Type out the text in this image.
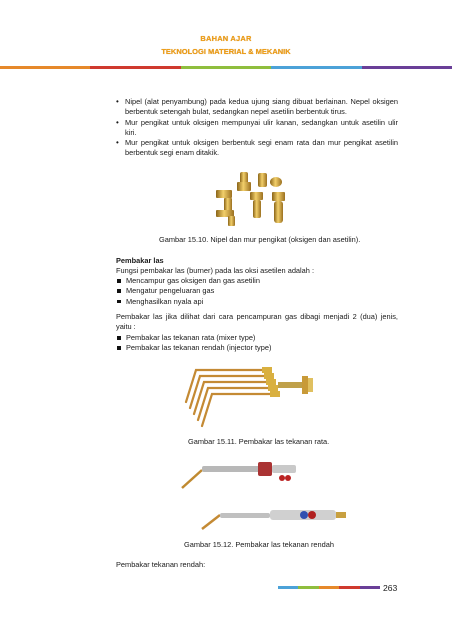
BAHAN AJAR
TEKNOLOGI MATERIAL & MEKANIK
• Nipel (alat penyambung) pada kedua ujung siang dibuat berlainan. Nepel oksigen berbentuk setengah bulat, sedangkan nepel asetilin berbentuk tirus.
• Mur pengikat untuk oksigen mempunyai ulir kanan, sedangkan untuk asetilin ulir kiri.
• Mur pengikat untuk oksigen berbentuk segi enam rata dan mur pengikat asetilin berbentuk segi enam ditakik.
Gambar 15.10. Nipel dan mur pengikat (oksigen dan asetilin).
Pembakar las
Fungsi pembakar las (burner) pada las oksi asetilen adalah :
Mencampur gas oksigen dan gas asetilin
Mengatur pengeluaran gas
Menghasilkan nyala api
Pembakar las jika dilihat dari cara pencampuran gas dibagi menjadi 2 (dua) jenis, yaitu :
Pembakar las tekanan rata (mixer type)
Pembakar las tekanan rendah (injector type)
Gambar 15.11. Pembakar las tekanan rata.
Gambar 15.12. Pembakar las tekanan rendah
Pembakar tekanan rendah:
263
